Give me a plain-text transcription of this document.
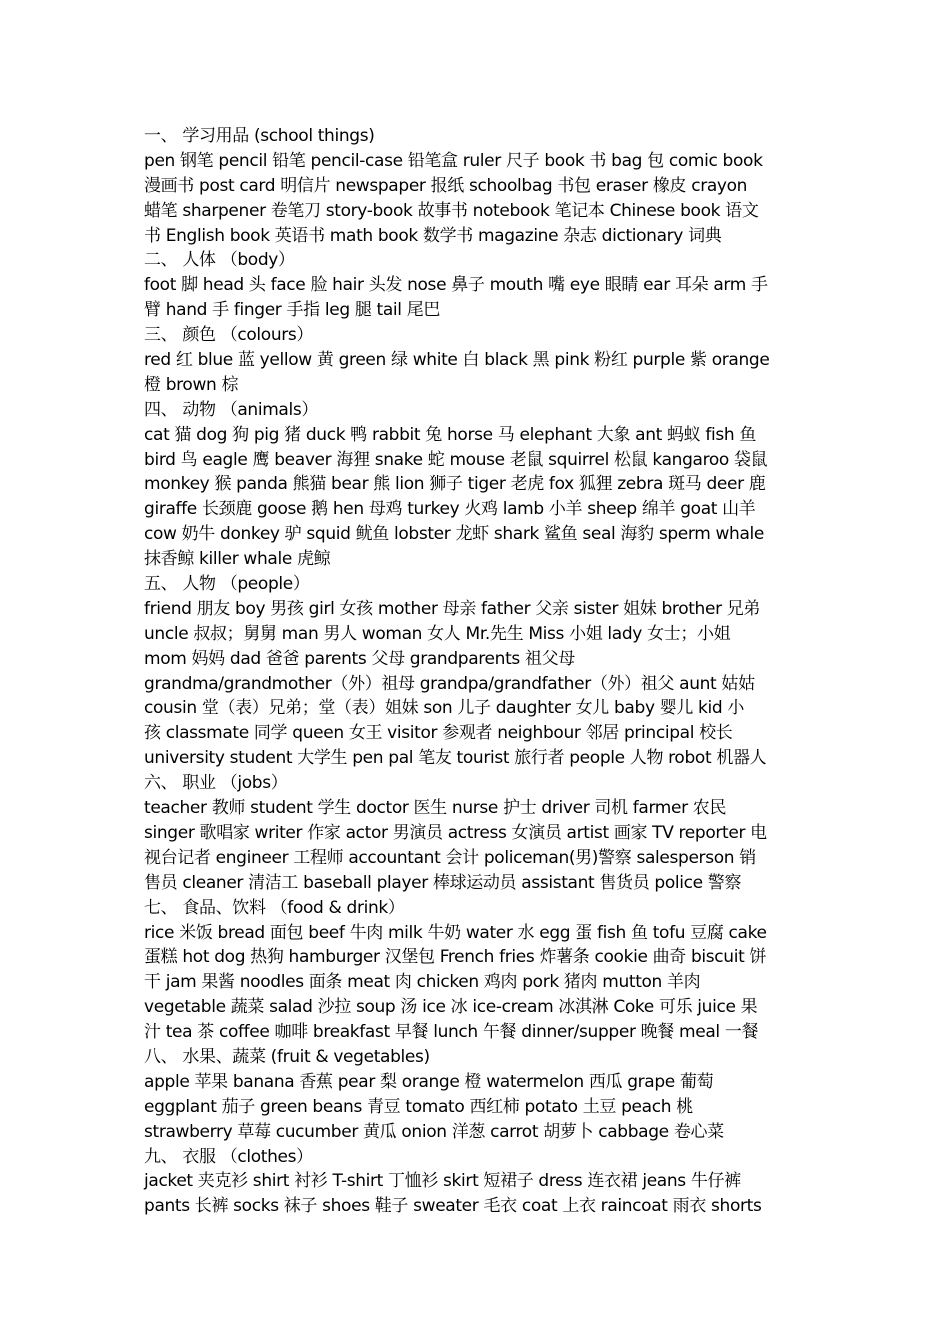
一、 学习用品 (school things)
pen 钢笔 pencil 铅笔 pencil-case 铅笔盒 ruler 尺子 book 书 bag 包 comic book
漫画书 post card 明信片 newspaper 报纸 schoolbag 书包 eraser 橡皮 crayon
蜡笔 sharpener 卷笔刀 story-book 故事书 notebook 笔记本 Chinese book 语文
书 English book 英语书 math book 数学书 magazine 杂志 dictionary 词典
二、 人体 （body）
foot 脚 head 头 face 脸 hair 头发 nose 鼻子 mouth 嘴 eye 眼睛 ear 耳朵 arm 手
臂 hand 手 finger 手指 leg 腿 tail 尾巴
三、 颜色 （colours）
red 红 blue 蓝 yellow 黄 green 绿 white 白 black 黑 pink 粉红 purple 紫 orange
橙 brown 棕
四、 动物 （animals）
cat 猫 dog 狗 pig 猪 duck 鸭 rabbit 兔 horse 马 elephant 大象 ant 蚂蚁 fish 鱼
bird 鸟 eagle 鹰 beaver 海狸 snake 蛇 mouse 老鼠 squirrel 松鼠 kangaroo 袋鼠
monkey 猴 panda 熊猫 bear 熊 lion 狮子 tiger 老虎 fox 狐狸 zebra 斑马 deer 鹿
giraffe 长颈鹿 goose 鹅 hen 母鸡 turkey 火鸡 lamb 小羊 sheep 绵羊 goat 山羊
cow 奶牛 donkey 驴 squid 鱿鱼 lobster 龙虾 shark 鲨鱼 seal 海豹 sperm whale
抹香鲸 killer whale 虎鲸
五、 人物 （people）
friend 朋友 boy 男孩 girl 女孩 mother 母亲 father 父亲 sister 姐妹 brother 兄弟
uncle 叔叔；舅舅 man 男人 woman 女人 Mr.先生 Miss 小姐 lady 女士；小姐
mom 妈妈 dad 爸爸 parents 父母 grandparents 祖父母
grandma/grandmother（外）祖母 grandpa/grandfather（外）祖父 aunt 姑姑
cousin 堂（表）兄弟；堂（表）姐妹 son 儿子 daughter 女儿 baby 婴儿 kid 小
孩 classmate 同学 queen 女王 visitor 参观者 neighbour 邻居 principal 校长
university student 大学生 pen pal 笔友 tourist 旅行者 people 人物 robot 机器人
六、 职业 （jobs）
teacher 教师 student 学生 doctor 医生 nurse 护士 driver 司机 farmer 农民
singer 歌唱家 writer 作家 actor 男演员 actress 女演员 artist 画家 TV reporter 电
视台记者 engineer 工程师 accountant 会计 policeman(男)警察 salesperson 销
售员 cleaner 清洁工 baseball player 棒球运动员 assistant 售货员 police 警察
七、 食品、饮料 （food & drink）
rice 米饭 bread 面包 beef 牛肉 milk 牛奶 water 水 egg 蛋 fish 鱼 tofu 豆腐 cake
蛋糕 hot dog 热狗 hamburger 汉堡包 French fries 炸薯条 cookie 曲奇 biscuit 饼
干 jam 果酱 noodles 面条 meat 肉 chicken 鸡肉 pork 猪肉 mutton 羊肉
vegetable 蔬菜 salad 沙拉 soup 汤 ice 冰 ice-cream 冰淇淋 Coke 可乐 juice 果
汁 tea 茶 coffee 咖啡 breakfast 早餐 lunch 午餐 dinner/supper 晚餐 meal 一餐
八、 水果、蔬菜 (fruit & vegetables)
apple 苹果 banana 香蕉 pear 梨 orange 橙 watermelon 西瓜 grape 葡萄
eggplant 茄子 green beans 青豆 tomato 西红柿 potato 土豆 peach 桃
strawberry 草莓 cucumber 黄瓜 onion 洋葱 carrot 胡萝卜 cabbage 卷心菜
九、 衣服 （clothes）
jacket 夹克衫 shirt 衬衫 T-shirt 丁恤衫 skirt 短裙子 dress 连衣裙 jeans 牛仔裤
pants 长裤 socks 袜子 shoes 鞋子 sweater 毛衣 coat 上衣 raincoat 雨衣 shorts
